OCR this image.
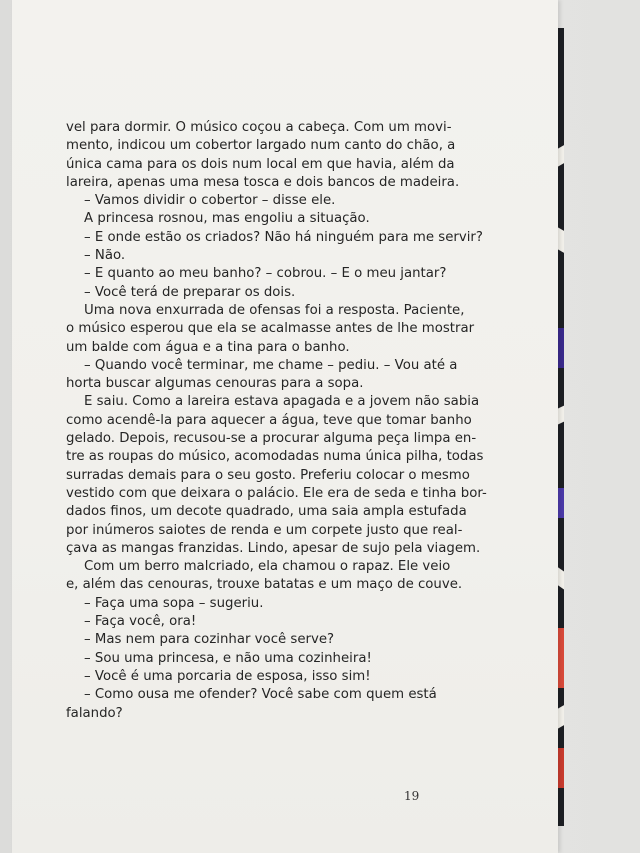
vel para dormir. O músico coçou a cabeça. Com um movi-
mento, indicou um cobertor largado num canto do chão, a
única cama para os dois num local em que havia, além da
lareira, apenas uma mesa tosca e dois bancos de madeira.
– Vamos dividir o cobertor – disse ele.
A princesa rosnou, mas engoliu a situação.
– E onde estão os criados? Não há ninguém para me servir?
– Não.
– E quanto ao meu banho? – cobrou. – E o meu jantar?
– Você terá de preparar os dois.
Uma nova enxurrada de ofensas foi a resposta. Paciente,
o músico esperou que ela se acalmasse antes de lhe mostrar
um balde com água e a tina para o banho.
– Quando você terminar, me chame – pediu. – Vou até a
horta buscar algumas cenouras para a sopa.
E saiu. Como a lareira estava apagada e a jovem não sabia
como acendê-la para aquecer a água, teve que tomar banho
gelado. Depois, recusou-se a procurar alguma peça limpa en-
tre as roupas do músico, acomodadas numa única pilha, todas
surradas demais para o seu gosto. Preferiu colocar o mesmo
vestido com que deixara o palácio. Ele era de seda e tinha bor-
dados finos, um decote quadrado, uma saia ampla estufada
por inúmeros saiotes de renda e um corpete justo que real-
çava as mangas franzidas. Lindo, apesar de sujo pela viagem.
Com um berro malcriado, ela chamou o rapaz. Ele veio
e, além das cenouras, trouxe batatas e um maço de couve.
– Faça uma sopa – sugeriu.
– Faça você, ora!
– Mas nem para cozinhar você serve?
– Sou uma princesa, e não uma cozinheira!
– Você é uma porcaria de esposa, isso sim!
– Como ousa me ofender? Você sabe com quem está
falando?
19
